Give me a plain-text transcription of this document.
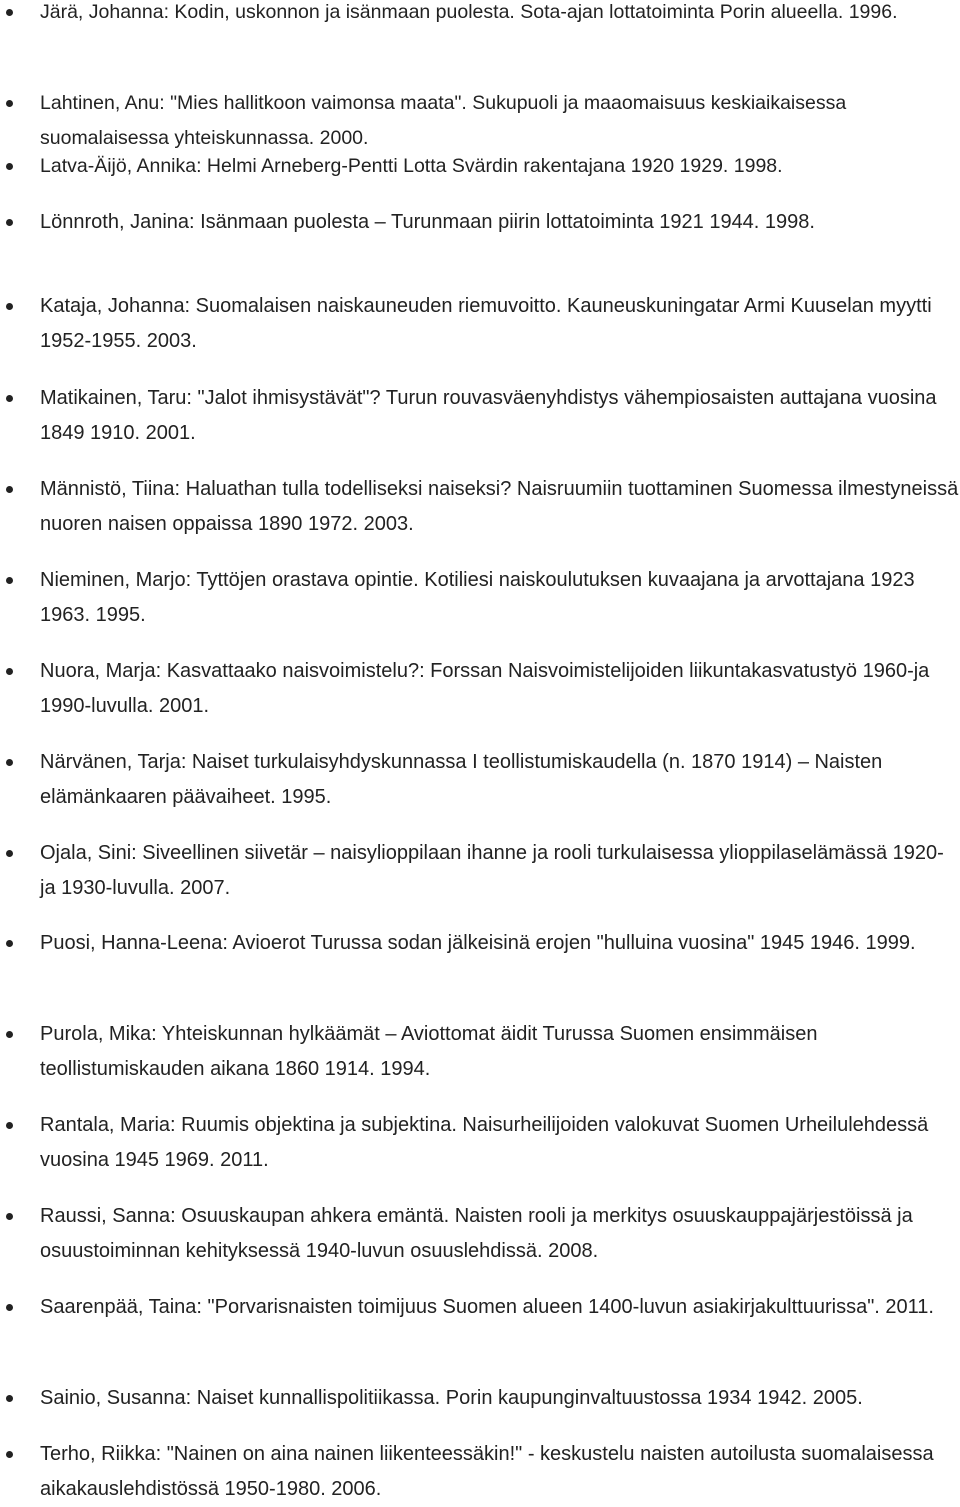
Järä, Johanna: Kodin, uskonnon ja isänmaan puolesta. Sota-ajan lottatoiminta Porin alueella. 1996.
Lahtinen, Anu: "Mies hallitkoon vaimonsa maata". Sukupuoli ja maaomaisuus keskiaikaisessa suomalaisessa yhteiskunnassa. 2000.
Latva-Äijö, Annika: Helmi Arneberg-Pentti Lotta Svärdin rakentajana 1920 1929. 1998.
Lönnroth, Janina: Isänmaan puolesta – Turunmaan piirin lottatoiminta 1921 1944. 1998.
Kataja, Johanna: Suomalaisen naiskauneuden riemuvoitto. Kauneuskuningatar Armi Kuuselan myytti 1952-1955. 2003.
Matikainen, Taru: "Jalot ihmisystävät"? Turun rouvasväenyhdistys vähempiosaisten auttajana vuosina 1849 1910. 2001.
Männistö, Tiina: Haluathan tulla todelliseksi naiseksi? Naisruumiin tuottaminen Suomessa ilmestyneissä nuoren naisen oppaissa 1890 1972. 2003.
Nieminen, Marjo: Tyttöjen orastava opintie. Kotiliesi naiskoulutuksen kuvaajana ja arvottajana 1923 1963. 1995.
Nuora, Marja: Kasvattaako naisvoimistelu?: Forssan Naisvoimistelijoiden liikuntakasvatustyö 1960-ja 1990-luvulla. 2001.
Närvänen, Tarja: Naiset turkulaisyhdyskunnassa I teollistumiskaudella (n. 1870 1914) – Naisten elämänkaaren päävaiheet. 1995.
Ojala, Sini: Siveellinen siivetär – naisylioppilaan ihanne ja rooli turkulaisessa ylioppilaselämässä 1920- ja 1930-luvulla. 2007.
Puosi, Hanna-Leena: Avioerot Turussa sodan jälkeisinä erojen "hulluina vuosina" 1945 1946. 1999.
Purola, Mika: Yhteiskunnan hylkäämät – Aviottomat äidit Turussa Suomen ensimmäisen teollistumiskauden aikana 1860 1914. 1994.
Rantala, Maria: Ruumis objektina ja subjektina. Naisurheilijoiden valokuvat Suomen Urheilulehdessä vuosina 1945 1969. 2011.
Raussi, Sanna: Osuuskaupan ahkera emäntä. Naisten rooli ja merkitys osuuskauppajärjestöissä ja osuustoiminnan kehityksessä 1940-luvun osuuslehdissä. 2008.
Saarenpää, Taina: "Porvarisnaisten toimijuus Suomen alueen 1400-luvun asiakirjakulttuurissa". 2011.
Sainio, Susanna: Naiset kunnallispolitiikassa. Porin kaupunginvaltuustossa 1934 1942. 2005.
Terho, Riikka: "Nainen on aina nainen liikenteessäkin!" - keskustelu naisten autoilusta suomalaisessa aikakauslehdistössä 1950-1980. 2006.
